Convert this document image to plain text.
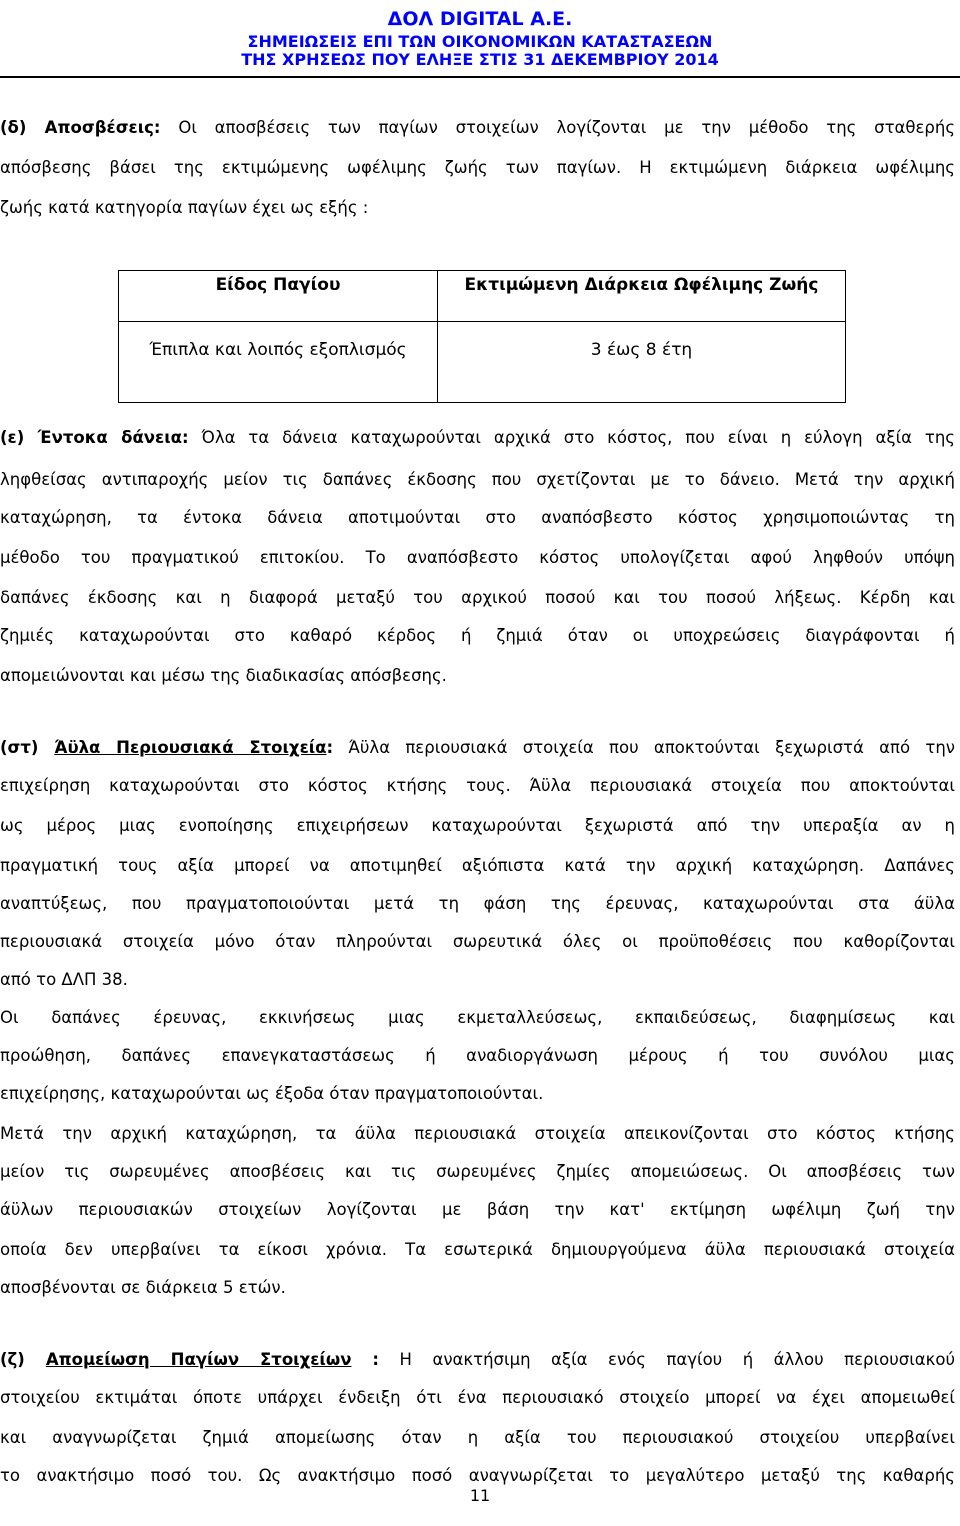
ΔΟΛ DIGITAL Α.Ε.
ΣΗΜΕΙΩΣΕΙΣ ΕΠΙ ΤΩΝ ΟΙΚΟΝΟΜΙΚΩΝ ΚΑΤΑΣΤΑΣΕΩΝ
ΤΗΣ ΧΡΗΣΕΩΣ ΠΟΥ ΕΛΗΞΕ ΣΤΙΣ 31 ΔΕΚΕΜΒΡΙΟΥ 2014
(δ) Αποσβέσεις: Οι αποσβέσεις των παγίων στοιχείων λογίζονται με την μέθοδο της σταθερής
απόσβεσης βάσει της εκτιμώμενης ωφέλιμης ζωής των παγίων. Η εκτιμώμενη διάρκεια ωφέλιμης
ζωής κατά κατηγορία παγίων έχει ως εξής :
Είδος Παγίου	Εκτιμώμενη Διάρκεια Ωφέλιμης Ζωής
Έπιπλα και λοιπός εξοπλισμός	3 έως 8 έτη
(ε) Έντοκα δάνεια: Όλα τα δάνεια καταχωρούνται αρχικά στο κόστος, που είναι η εύλογη αξία της
ληφθείσας αντιπαροχής μείον τις δαπάνες έκδοσης που σχετίζονται με το δάνειο. Μετά την αρχική
καταχώρηση, τα έντοκα δάνεια αποτιμούνται στο αναπόσβεστο κόστος χρησιμοποιώντας τη
μέθοδο του πραγματικού επιτοκίου. Το αναπόσβεστο κόστος υπολογίζεται αφού ληφθούν υπόψη
δαπάνες έκδοσης και η διαφορά μεταξύ του αρχικού ποσού και του ποσού λήξεως. Κέρδη και
ζημιές καταχωρούνται στο καθαρό κέρδος ή ζημιά όταν οι υποχρεώσεις διαγράφονται ή
απομειώνονται και μέσω της διαδικασίας απόσβεσης.
(στ) Άϋλα Περιουσιακά Στοιχεία: Άϋλα περιουσιακά στοιχεία που αποκτούνται ξεχωριστά από την
επιχείρηση καταχωρούνται στο κόστος κτήσης τους. Άϋλα περιουσιακά στοιχεία που αποκτούνται
ως μέρος μιας ενοποίησης επιχειρήσεων καταχωρούνται ξεχωριστά από την υπεραξία αν η
πραγματική τους αξία μπορεί να αποτιμηθεί αξιόπιστα κατά την αρχική καταχώρηση. Δαπάνες
αναπτύξεως, που πραγματοποιούνται μετά τη φάση της έρευνας, καταχωρούνται στα άϋλα
περιουσιακά στοιχεία μόνο όταν πληρούνται σωρευτικά όλες οι προϋποθέσεις που καθορίζονται
από το ΔΛΠ 38.
Οι δαπάνες έρευνας, εκκινήσεως μιας εκμεταλλεύσεως, εκπαιδεύσεως, διαφημίσεως και
προώθηση, δαπάνες επανεγκαταστάσεως ή αναδιοργάνωση μέρους ή του συνόλου μιας
επιχείρησης, καταχωρούνται ως έξοδα όταν πραγματοποιούνται.
Μετά την αρχική καταχώρηση, τα άϋλα περιουσιακά στοιχεία απεικονίζονται στο κόστος κτήσης
μείον τις σωρευμένες αποσβέσεις και τις σωρευμένες ζημίες απομειώσεως. Οι αποσβέσεις των
άϋλων περιουσιακών στοιχείων λογίζονται με βάση την κατ' εκτίμηση ωφέλιμη ζωή την
οποία δεν υπερβαίνει τα είκοσι χρόνια. Τα εσωτερικά δημιουργούμενα άϋλα περιουσιακά στοιχεία
αποσβένονται σε διάρκεια 5 ετών.
(ζ) Απομείωση Παγίων Στοιχείων : Η ανακτήσιμη αξία ενός παγίου ή άλλου περιουσιακού
στοιχείου εκτιμάται όποτε υπάρχει ένδειξη ότι ένα περιουσιακό στοιχείο μπορεί να έχει απομειωθεί
και αναγνωρίζεται ζημιά απομείωσης όταν η αξία του περιουσιακού στοιχείου υπερβαίνει
το ανακτήσιμο ποσό του. Ως ανακτήσιμο ποσό αναγνωρίζεται το μεγαλύτερο μεταξύ της καθαρής
11
